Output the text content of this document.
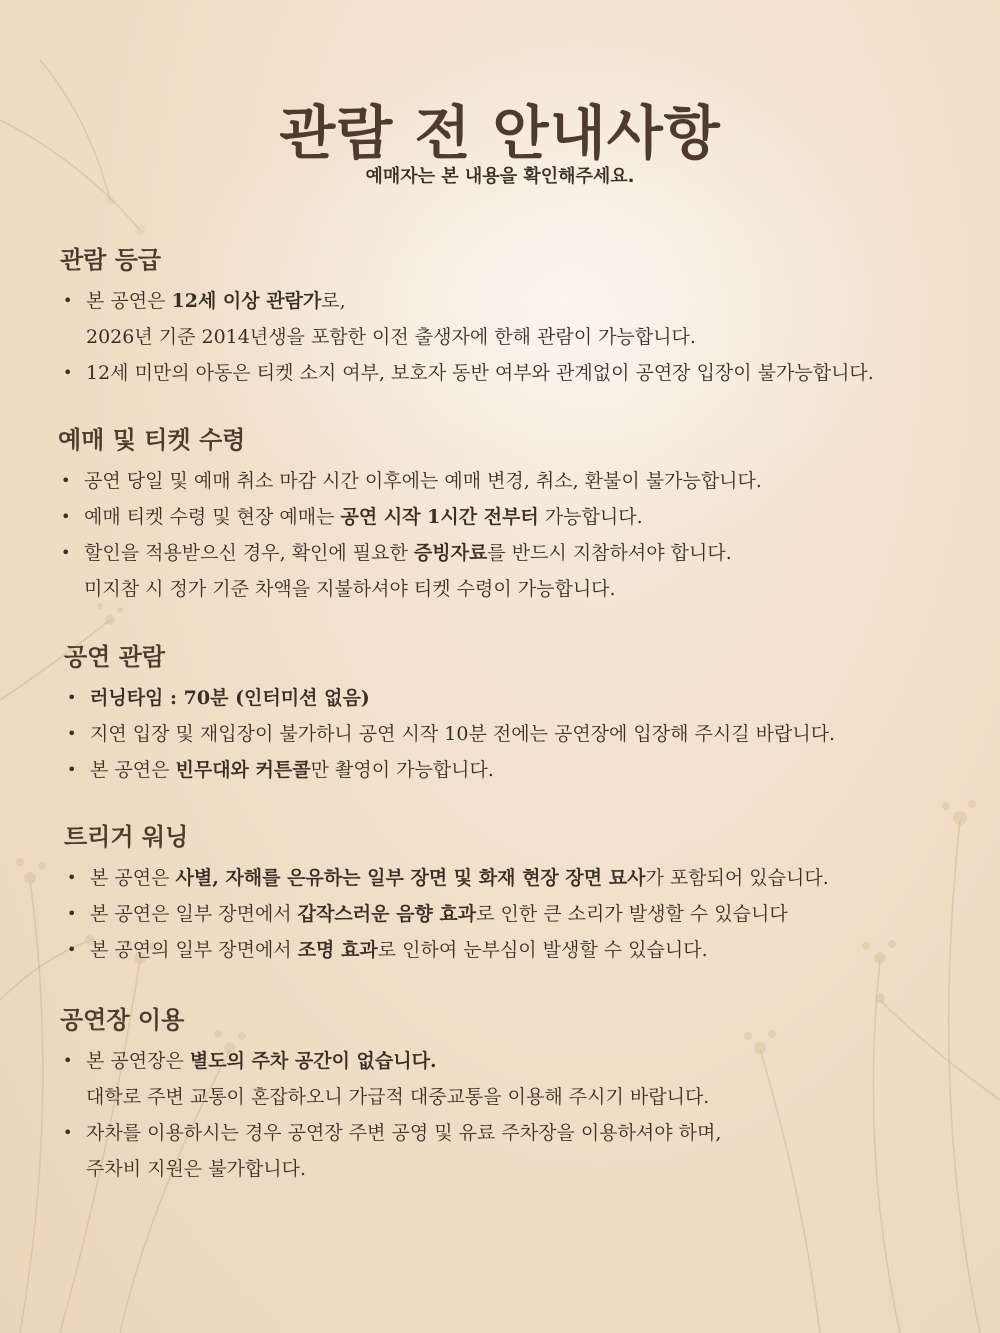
관람 전 안내사항

예매자는 본 내용을 확인해주세요.

관람 등급
• 본 공연은 12세 이상 관람가로,
2026년 기준 2014년생을 포함한 이전 출생자에 한해 관람이 가능합니다.
• 12세 미만의 아동은 티켓 소지 여부, 보호자 동반 여부와 관계없이 공연장 입장이 불가능합니다.
예매 및 티켓 수령
• 공연 당일 및 예매 취소 마감 시간 이후에는 예매 변경, 취소, 환불이 불가능합니다.
• 예매 티켓 수령 및 현장 예매는 공연 시작 1시간 전부터 가능합니다.
• 할인을 적용받으신 경우, 확인에 필요한 증빙자료를 반드시 지참하셔야 합니다.
미지참 시 정가 기준 차액을 지불하셔야 티켓 수령이 가능합니다.
공연 관람
• 러닝타임 : 70분 (인터미션 없음)
• 지연 입장 및 재입장이 불가하니 공연 시작 10분 전에는 공연장에 입장해 주시길 바랍니다.
• 본 공연은 빈무대와 커튼콜만 촬영이 가능합니다.
트리거 워닝
• 본 공연은 사별, 자해를 은유하는 일부 장면 및 화재 현장 장면 묘사가 포함되어 있습니다.
• 본 공연은 일부 장면에서 갑작스러운 음향 효과로 인한 큰 소리가 발생할 수 있습니다
• 본 공연의 일부 장면에서 조명 효과로 인하여 눈부심이 발생할 수 있습니다.
공연장 이용
• 본 공연장은 별도의 주차 공간이 없습니다.
대학로 주변 교통이 혼잡하오니 가급적 대중교통을 이용해 주시기 바랍니다.
• 자차를 이용하시는 경우 공연장 주변 공영 및 유료 주차장을 이용하셔야 하며,
주차비 지원은 불가합니다.
